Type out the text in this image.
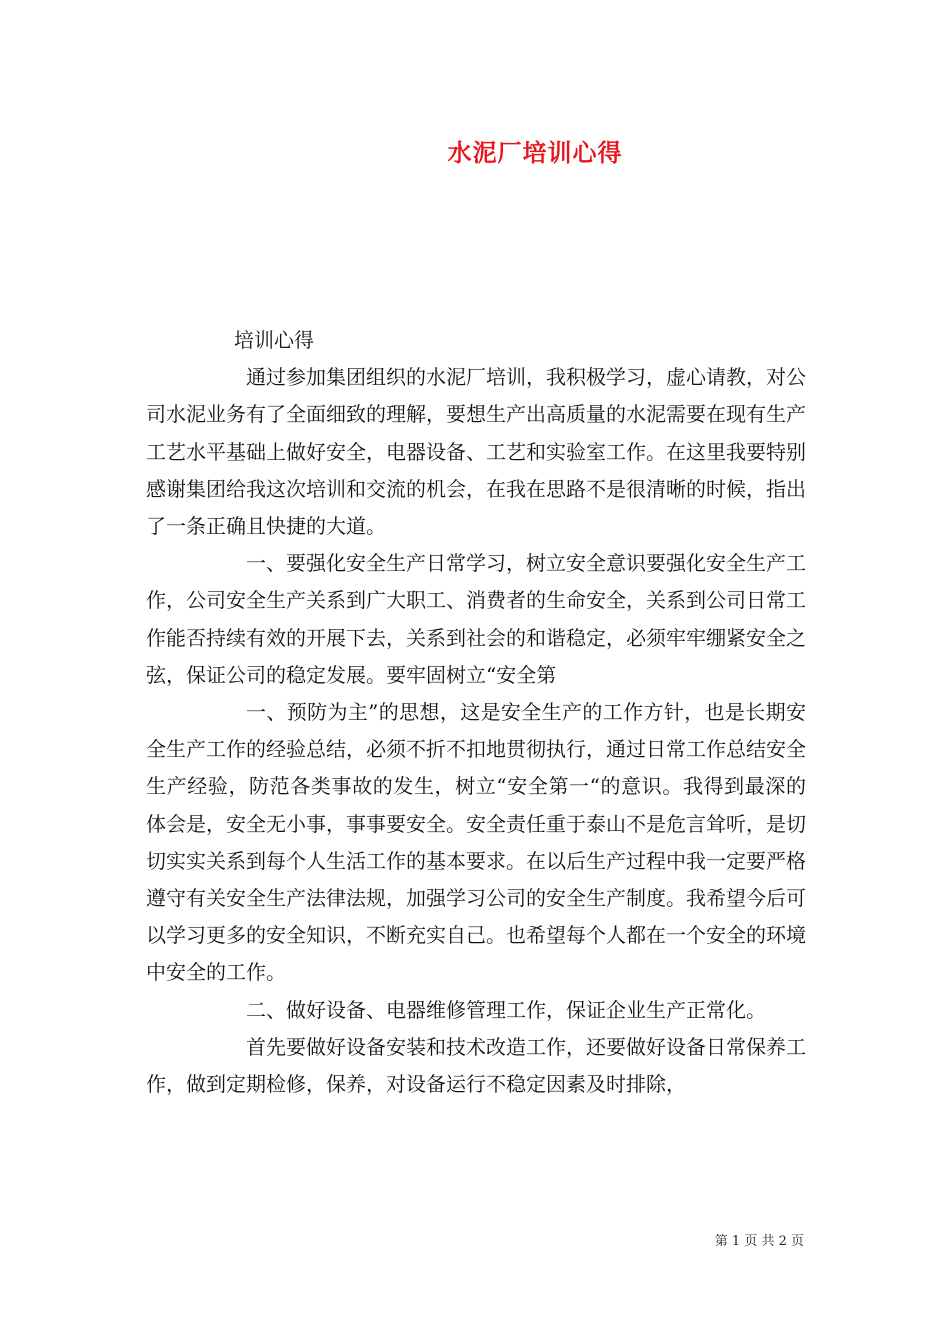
水泥厂培训心得
培训心得

通过参加集团组织的水泥厂培训，我积极学习，虚心请教，对公司水泥业务有了全面细致的理解，要想生产出高质量的水泥需要在现有生产工艺水平基础上做好安全，电器设备、工艺和实验室工作。在这里我要特别感谢集团给我这次培训和交流的机会，在我在思路不是很清晰的时候，指出了一条正确且快捷的大道。

一、要强化安全生产日常学习，树立安全意识要强化安全生产工作，公司安全生产关系到广大职工、消费者的生命安全，关系到公司日常工作能否持续有效的开展下去，关系到社会的和谐稳定，必须牢牢绷紧安全之弦，保证公司的稳定发展。要牢固树立“安全第

一、预防为主”的思想，这是安全生产的工作方针，也是长期安全生产工作的经验总结，必须不折不扣地贯彻执行，通过日常工作总结安全生产经验，防范各类事故的发生，树立“安全第一“的意识。我得到最深的体会是，安全无小事，事事要安全。安全责任重于泰山不是危言耸听，是切切实实关系到每个人生活工作的基本要求。在以后生产过程中我一定要严格遵守有关安全生产法律法规，加强学习公司的安全生产制度。我希望今后可以学习更多的安全知识，不断充实自己。也希望每个人都在一个安全的环境中安全的工作。

二、做好设备、电器维修管理工作，保证企业生产正常化。

首先要做好设备安装和技术改造工作，还要做好设备日常保养工作，做到定期检修，保养，对设备运行不稳定因素及时排除，

第 1 页 共 2 页
